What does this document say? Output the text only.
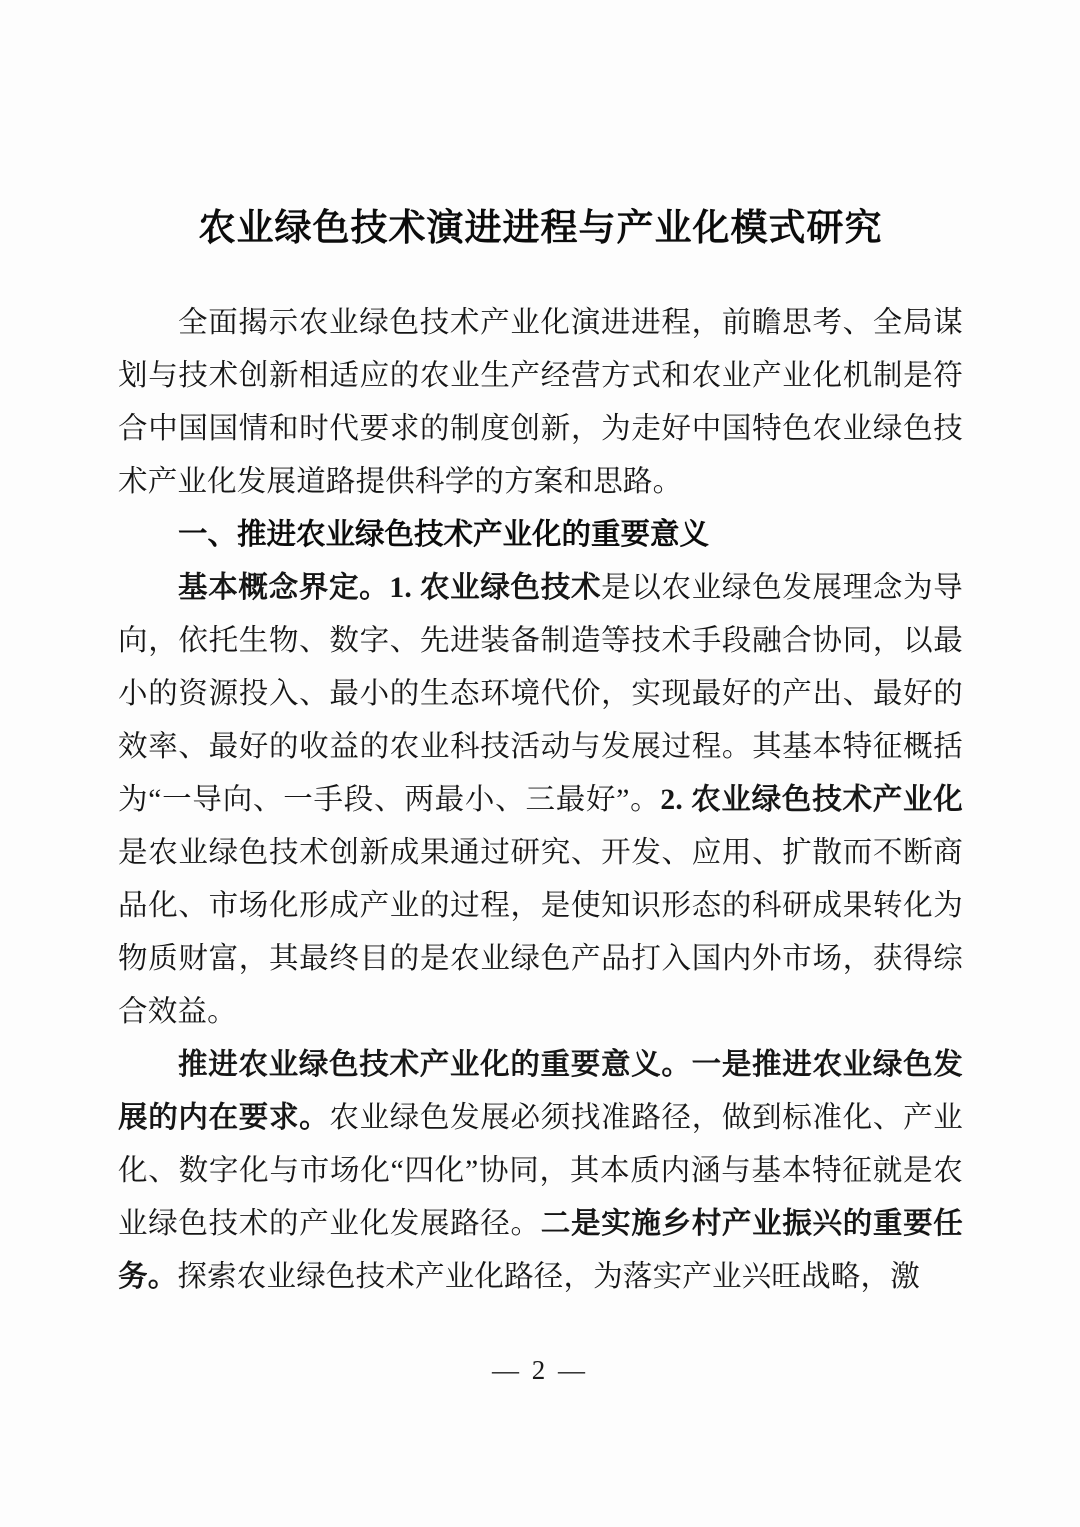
农业绿色技术演进进程与产业化模式研究

全面揭示农业绿色技术产业化演进进程，前瞻思考、全局谋划与技术创新相适应的农业生产经营方式和农业产业化机制是符合中国国情和时代要求的制度创新，为走好中国特色农业绿色技术产业化发展道路提供科学的方案和思路。

一、推进农业绿色技术产业化的重要意义

基本概念界定。1. 农业绿色技术是以农业绿色发展理念为导向，依托生物、数字、先进装备制造等技术手段融合协同，以最小的资源投入、最小的生态环境代价，实现最好的产出、最好的效率、最好的收益的农业科技活动与发展过程。其基本特征概括为“一导向、一手段、两最小、三最好”。2. 农业绿色技术产业化是农业绿色技术创新成果通过研究、开发、应用、扩散而不断商品化、市场化形成产业的过程，是使知识形态的科研成果转化为物质财富，其最终目的是农业绿色产品打入国内外市场，获得综合效益。

推进农业绿色技术产业化的重要意义。一是推进农业绿色发展的内在要求。农业绿色发展必须找准路径，做到标准化、产业化、数字化与市场化“四化”协同，其本质内涵与基本特征就是农业绿色技术的产业化发展路径。二是实施乡村产业振兴的重要任务。探索农业绿色技术产业化路径，为落实产业兴旺战略，激

— 2 —
